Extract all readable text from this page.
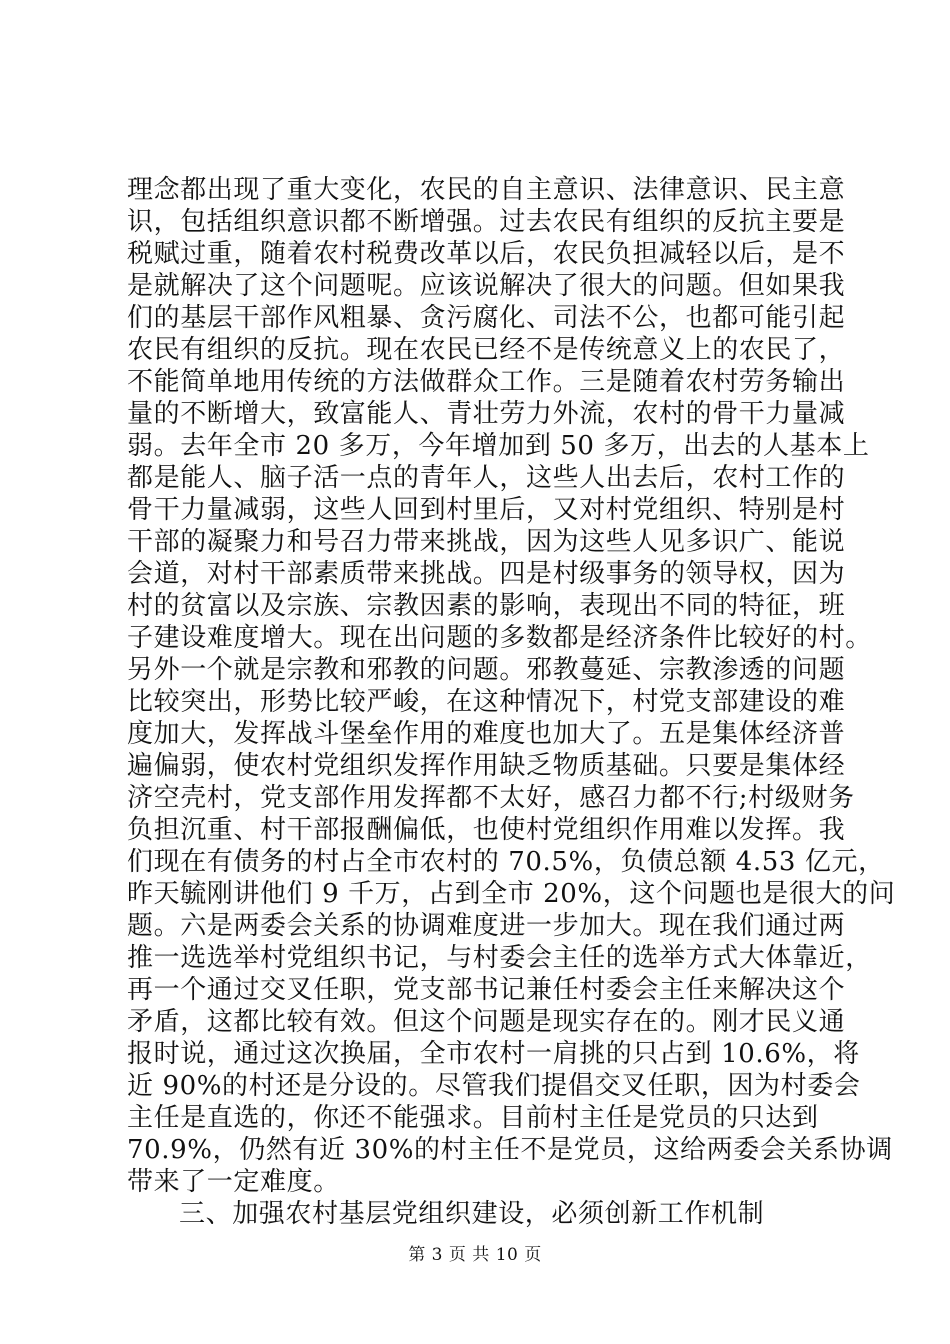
理念都出现了重大变化，农民的自主意识、法律意识、民主意
识，包括组织意识都不断增强。过去农民有组织的反抗主要是
税赋过重，随着农村税费改革以后，农民负担减轻以后，是不
是就解决了这个问题呢。应该说解决了很大的问题。但如果我
们的基层干部作风粗暴、贪污腐化、司法不公，也都可能引起
农民有组织的反抗。现在农民已经不是传统意义上的农民了，
不能简单地用传统的方法做群众工作。三是随着农村劳务输出
量的不断增大，致富能人、青壮劳力外流，农村的骨干力量减
弱。去年全市 20 多万，今年增加到 50 多万，出去的人基本上
都是能人、脑子活一点的青年人，这些人出去后，农村工作的
骨干力量减弱，这些人回到村里后，又对村党组织、特别是村
干部的凝聚力和号召力带来挑战，因为这些人见多识广、能说
会道，对村干部素质带来挑战。四是村级事务的领导权，因为
村的贫富以及宗族、宗教因素的影响，表现出不同的特征，班
子建设难度增大。现在出问题的多数都是经济条件比较好的村。
另外一个就是宗教和邪教的问题。邪教蔓延、宗教渗透的问题
比较突出，形势比较严峻，在这种情况下，村党支部建设的难
度加大，发挥战斗堡垒作用的难度也加大了。五是集体经济普
遍偏弱，使农村党组织发挥作用缺乏物质基础。只要是集体经
济空壳村，党支部作用发挥都不太好，感召力都不行;村级财务
负担沉重、村干部报酬偏低，也使村党组织作用难以发挥。我
们现在有债务的村占全市农村的 70.5%，负债总额 4.53 亿元，
昨天毓刚讲他们 9 千万，占到全市 20%，这个问题也是很大的问
题。六是两委会关系的协调难度进一步加大。现在我们通过两
推一选选举村党组织书记，与村委会主任的选举方式大体靠近，
再一个通过交叉任职，党支部书记兼任村委会主任来解决这个
矛盾，这都比较有效。但这个问题是现实存在的。刚才民义通
报时说，通过这次换届，全市农村一肩挑的只占到 10.6%，将
近 90%的村还是分设的。尽管我们提倡交叉任职，因为村委会
主任是直选的，你还不能强求。目前村主任是党员的只达到
70.9%，仍然有近 30%的村主任不是党员，这给两委会关系协调
带来了一定难度。
三、加强农村基层党组织建设，必须创新工作机制
第 3 页 共 10 页
